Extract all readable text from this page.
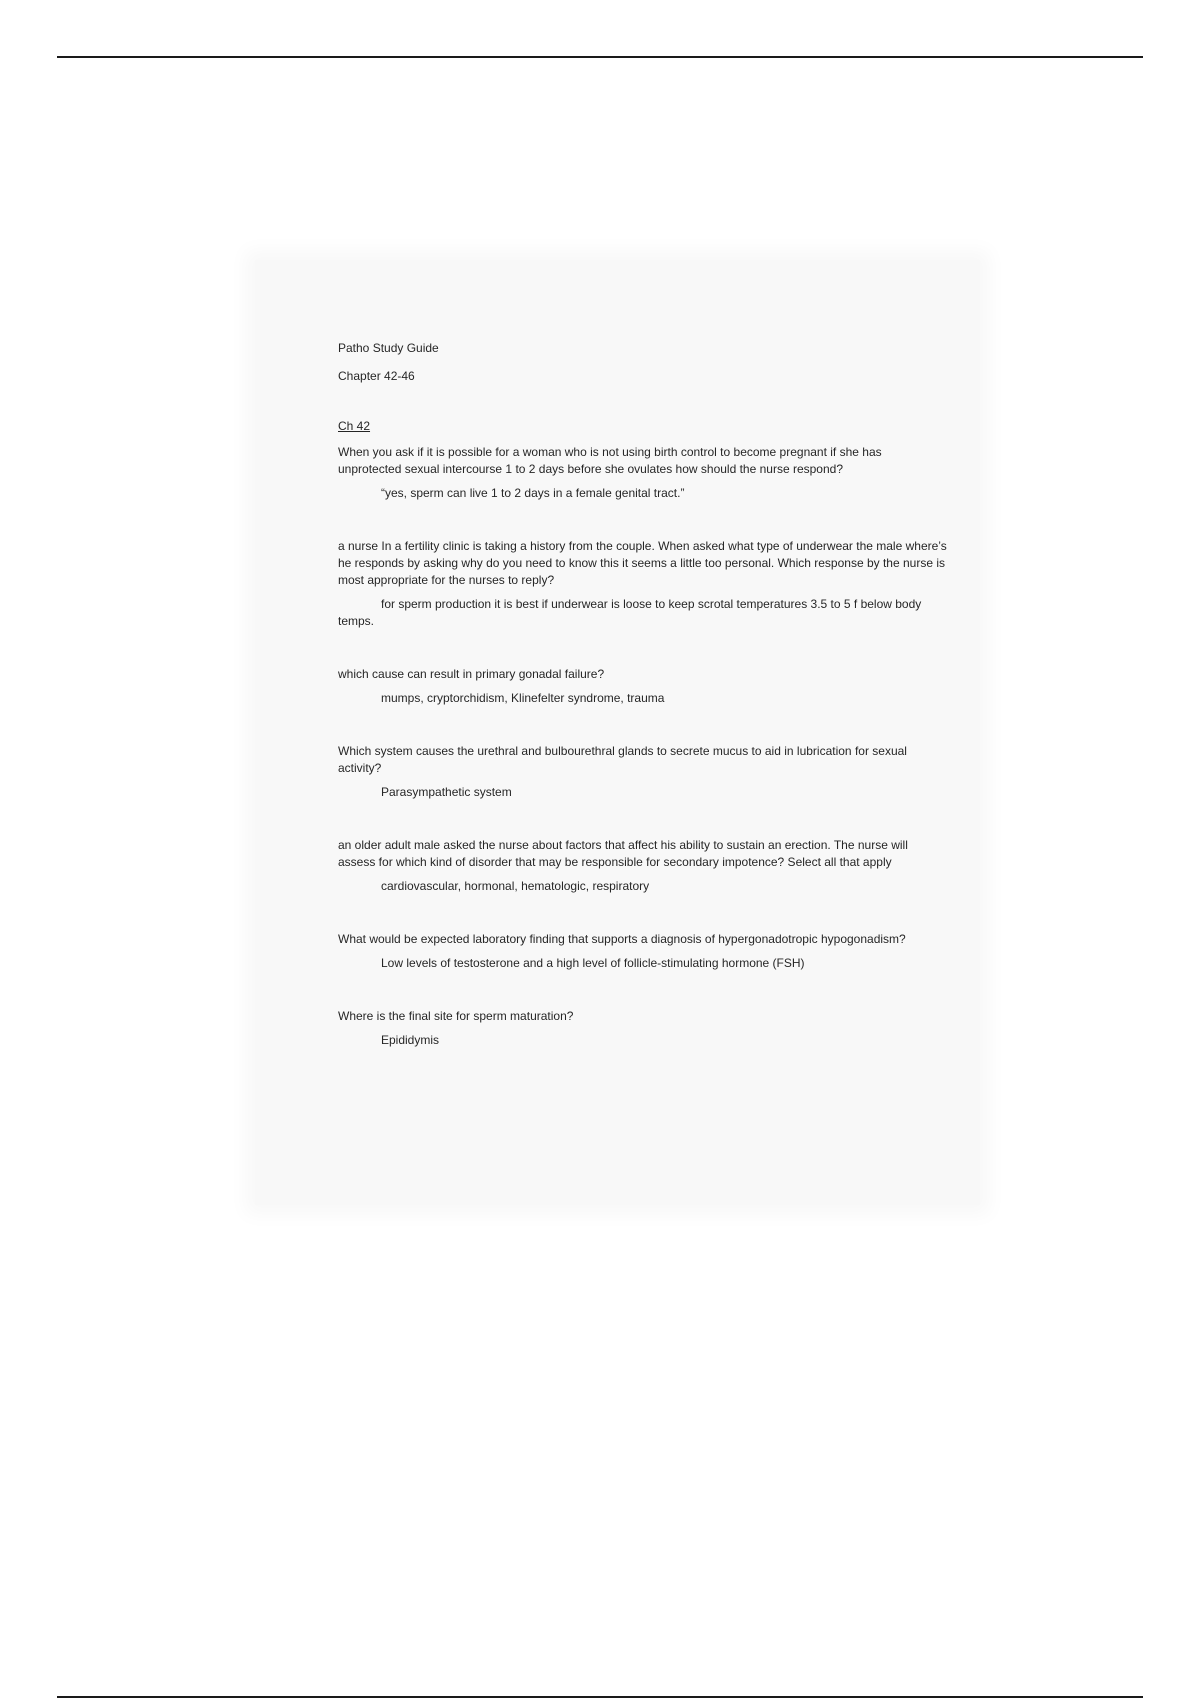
Patho Study Guide

Chapter 42-46

Ch 42

When you ask if it is possible for a woman who is not using birth control to become pregnant if she has unprotected sexual intercourse 1 to 2 days before she ovulates how should the nurse respond?

“yes, sperm can live 1 to 2 days in a female genital tract.”

a nurse In a fertility clinic is taking a history from the couple. When asked what type of underwear the male where’s he responds by asking why do you need to know this it seems a little too personal. Which response by the nurse is most appropriate for the nurses to reply?

for sperm production it is best if underwear is loose to keep scrotal temperatures 3.5 to 5 f below body temps.

which cause can result in primary gonadal failure?

mumps, cryptorchidism, Klinefelter syndrome, trauma

Which system causes the urethral and bulbourethral glands to secrete mucus to aid in lubrication for sexual activity?

Parasympathetic system

an older adult male asked the nurse about factors that affect his ability to sustain an erection. The nurse will assess for which kind of disorder that may be responsible for secondary impotence? Select all that apply

cardiovascular, hormonal, hematologic, respiratory

What would be expected laboratory finding that supports a diagnosis of hypergonadotropic hypogonadism?

Low levels of testosterone and a high level of follicle-stimulating hormone (FSH)

Where is the final site for sperm maturation?

Epididymis
